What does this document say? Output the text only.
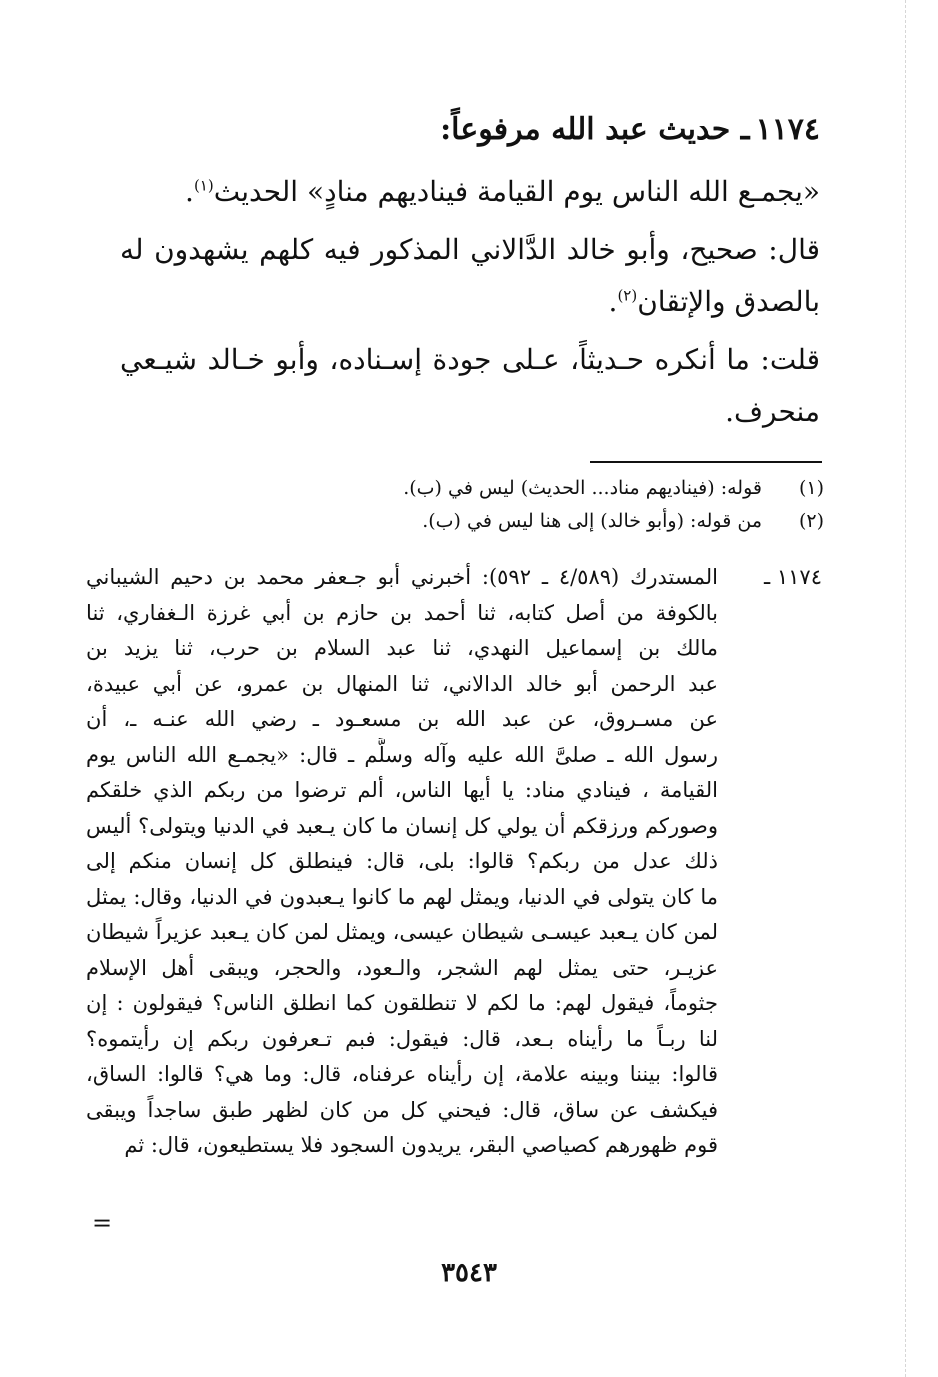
١١٧٤ـ حديث عبد الله مرفوعاً:
«يجمـع الله الناس يوم القيامة فيناديهم منادٍ» الحديث$^{(١)}$.
قال: صحيح، وأبو خالد الدَّالاني المذكور فيه كلهم يشهدون له بالصدق والإتقان$^{(٢)}$.
قلت: ما أنكره حـديثاً، عـلى جودة إسـناده، وأبو خـالد شيـعي منحرف.
(١)
قوله: (فيناديهم مناد... الحديث) ليس في (ب).
(٢)
من قوله: (وأبو خالد) إلى هنا ليس في (ب).
١١٧٤ ـ
المستدرك (٤/٥٨٩ ـ ٥٩٢): أخبرني أبو جـعفر محمد بن دحيم الشيباني
بالكوفة من أصل كتابه، ثنا أحمد بن حازم بن أبي غرزة الـغفاري، ثنا
مالك بن إسماعيل النهدي، ثنا عبد السلام بن حرب، ثنا يزيد بن
عبد الرحمن أبو خالد الدالاني، ثنا المنهال بن عمرو، عن أبي عبيدة،
عن مسـروق، عن عبد الله بن مسعـود ـ رضي الله عنـه ـ، أن
رسول الله ـ صلىَّ الله عليه وآله وسلَّم ـ قال: «يجمـع الله الناس يوم
القيامة ، فينادي مناد: يا أيها الناس، ألم ترضوا من ربكم الذي خلقكم
وصوركم ورزقكم أن يولي كل إنسان ما كان يـعبد في الدنيا ويتولى؟ أليس
ذلك عدل من ربكم؟ قالوا: بلى، قال: فينطلق كل إنسان منكم إلى
ما كان يتولى في الدنيا، ويمثل لهم ما كانوا يـعبدون في الدنيا، وقال: يمثل
لمن كان يـعبد عيسـى شيطان عيسى، ويمثل لمن كان يـعبد عزيراً شيطان
عزيـر، حتى يمثل لهم الشجر، والـعود، والحجر، ويبقى أهل الإسلام
جثوماً، فيقول لهم: ما لكم لا تنطلقون كما انطلق الناس؟ فيقولون : إن
لنا ربـاً ما رأيناه بـعد، قال: فيقول: فبم تـعرفون ربكم إن رأيتموه؟
قالوا: بيننا وبينه علامة، إن رأيناه عرفناه، قال: وما هي؟ قالوا: الساق،
فيكشف عن ساق، قال: فيحني كل من كان لظهر طبق ساجداً ويبقى
قوم ظهورهم كصياصي البقر، يريدون السجود فلا يستطيعون، قال: ثم
=
٣٥٤٣
